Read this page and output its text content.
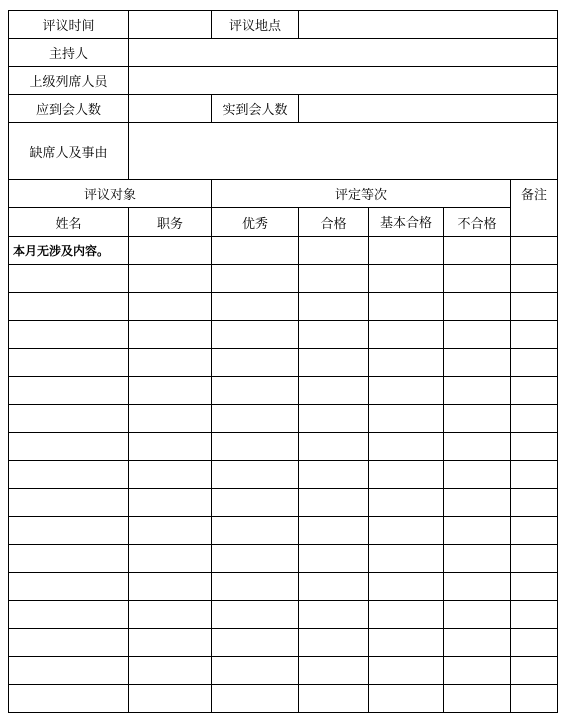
评议时间		评议地点				
主持人						
上级列席人员						
应到会人数		实到会人数				
缺席人及事由						
评议对象		评定等次				备注
姓名	职务	优秀	合格	基本合格	不合格	
本月无涉及内容。						
